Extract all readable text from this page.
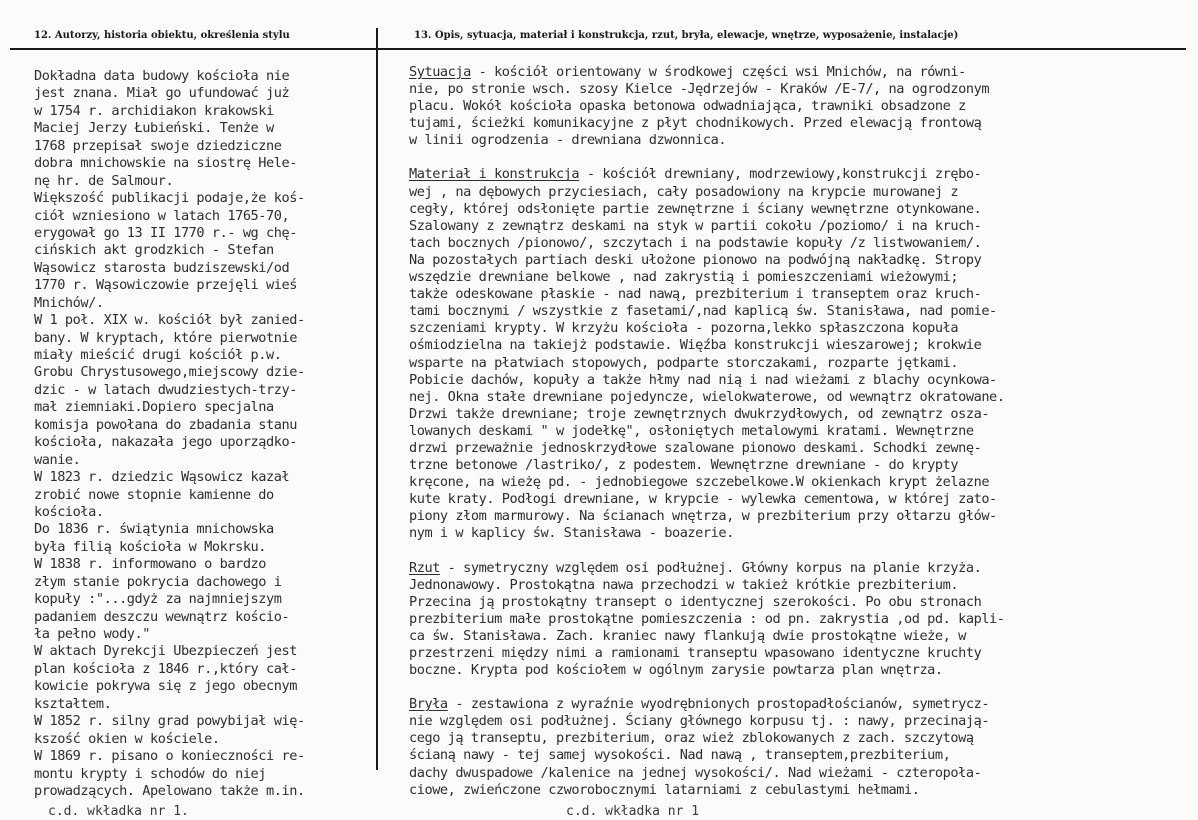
12. Autorzy, historia obiektu, określenia stylu	13. Opis, sytuacja, materiał i konstrukcja, rzut, bryła, elewacje, wnętrze, wyposażenie, instalacje)
Dokładna data budowy kościoła nie
jest znana. Miał go ufundować już
w 1754 r. archidiakon krakowski
Maciej Jerzy Łubieński. Tenże w
1768 przepisał swoje dziedziczne
dobra mnichowskie na siostrę Hele-
nę hr. de Salmour.
Większość publikacji podaje,że koś-
ciół wzniesiono w latach 1765-70,
erygował go 13 II 1770 r.- wg chę-
cińskich akt grodzkich - Stefan
Wąsowicz starosta budziszewski/od
1770 r. Wąsowiczowie przejęli wieś
Mnichów/.
W 1 poł. XIX w. kościół był zanied-
bany. W kryptach, które pierwotnie
miały mieścić drugi kościół p.w.
Grobu Chrystusowego,miejscowy dzie-
dzic - w latach dwudziestych-trzy-
mał ziemniaki.Dopiero specjalna
komisja powołana do zbadania stanu
kościoła, nakazała jego uporządko-
wanie.
W 1823 r. dziedzic Wąsowicz kazał
zrobić nowe stopnie kamienne do
kościoła.
Do 1836 r. świątynia mnichowska
była filią kościoła w Mokrsku.
W 1838 r. informowano o bardzo
złym stanie pokrycia dachowego i
kopuły :"...gdyż za najmniejszym
padaniem deszczu wewnątrz kościo-
ła pełno wody."
W aktach Dyrekcji Ubezpieczeń jest
plan kościoła z 1846 r.,który cał-
kowicie pokrywa się z jego obecnym
kształtem.
W 1852 r. silny grad powybijał wię-
kszość okien w kościele.
W 1869 r. pisano o konieczności re-
montu krypty i schodów do niej
prowadzących. Apelowano także m.in.
Sytuacja - kościół orientowany w środkowej części wsi Mnichów, na równi-
nie, po stronie wsch. szosy Kielce -Jędrzejów - Kraków /E-7/, na ogrodzonym
placu. Wokół kościoła opaska betonowa odwadniająca, trawniki obsadzone z
tujami, ścieżki komunikacyjne z płyt chodnikowych. Przed elewacją frontową
w linii ogrodzenia - drewniana dzwonnica.
Materiał i konstrukcja - kościół drewniany, modrzewiowy,konstrukcji zrębo-
wej , na dębowych przyciesiach, cały posadowiony na krypcie murowanej z
cegły, której odsłonięte partie zewnętrzne i ściany wewnętrzne otynkowane.
Szalowany z zewnątrz deskami na styk w partii cokołu /poziomo/ i na kruch-
tach bocznych /pionowo/, szczytach i na podstawie kopuły /z listwowaniem/.
Na pozostałych partiach deski ułożone pionowo na podwójną nakładkę. Stropy
wszędzie drewniane belkowe , nad zakrystią i pomieszczeniami wieżowymi;
także odeskowane płaskie - nad nawą, prezbiterium i transeptem oraz kruch-
tami bocznymi / wszystkie z fasetami/,nad kaplicą św. Stanisława, nad pomie-
szczeniami krypty. W krzyżu kościoła - pozorna,lekko spłaszczona kopuła
ośmiodzielna na takiejż podstawie. Więźba konstrukcji wieszarowej; krokwie
wsparte na płatwiach stopowych, podparte storczakami, rozparte jętkami.
Pobicie dachów, kopuły a także hłmy nad nią i nad wieżami z blachy ocynkowa-
nej. Okna stałe drewniane pojedyncze, wielokwaterowe, od wewnątrz okratowane.
Drzwi także drewniane; troje zewnętrznych dwukrzydłowych, od zewnątrz osza-
lowanych deskami " w jodełkę", osłoniętych metalowymi kratami. Wewnętrzne
drzwi przeważnie jednoskrzydłowe szalowane pionowo deskami. Schodki zewnę-
trzne betonowe /lastriko/, z podestem. Wewnętrzne drewniane - do krypty
kręcone, na wieżę pd. - jednobiegowe szczebelkowe.W okienkach krypt żelazne
kute kraty. Podłogi drewniane, w krypcie - wylewka cementowa, w której zato-
piony złom marmurowy. Na ścianach wnętrza, w prezbiterium przy ołtarzu głów-
nym i w kaplicy św. Stanisława - boazerie.
Rzut - symetryczny względem osi podłużnej. Główny korpus na planie krzyża.
Jednonawowy. Prostokątna nawa przechodzi w takież krótkie prezbiterium.
Przecina ją prostokątny transept o identycznej szerokości. Po obu stronach
prezbiterium małe prostokątne pomieszczenia : od pn. zakrystia ,od pd. kapli-
ca św. Stanisława. Zach. kraniec nawy flankują dwie prostokątne wieże, w
przestrzeni między nimi a ramionami transeptu wpasowano identyczne kruchty
boczne. Krypta pod kościołem w ogólnym zarysie powtarza plan wnętrza.
Bryła - zestawiona z wyraźnie wyodrębnionych prostopadłościanów, symetrycz-
nie względem osi podłużnej. Ściany głównego korpusu tj. : nawy, przecinają-
cego ją transeptu, prezbiterium, oraz wież zblokowanych z zach. szczytową
ścianą nawy - tej samej wysokości. Nad nawą , transeptem,prezbiterium,
dachy dwuspadowe /kalenice na jednej wysokości/. Nad wieżami - czteropoła-
ciowe, zwieńczone czworobocznymi latarniami z cebulastymi hełmami.
c.d. wkładka nr 1.	c.d. wkładka nr 1
